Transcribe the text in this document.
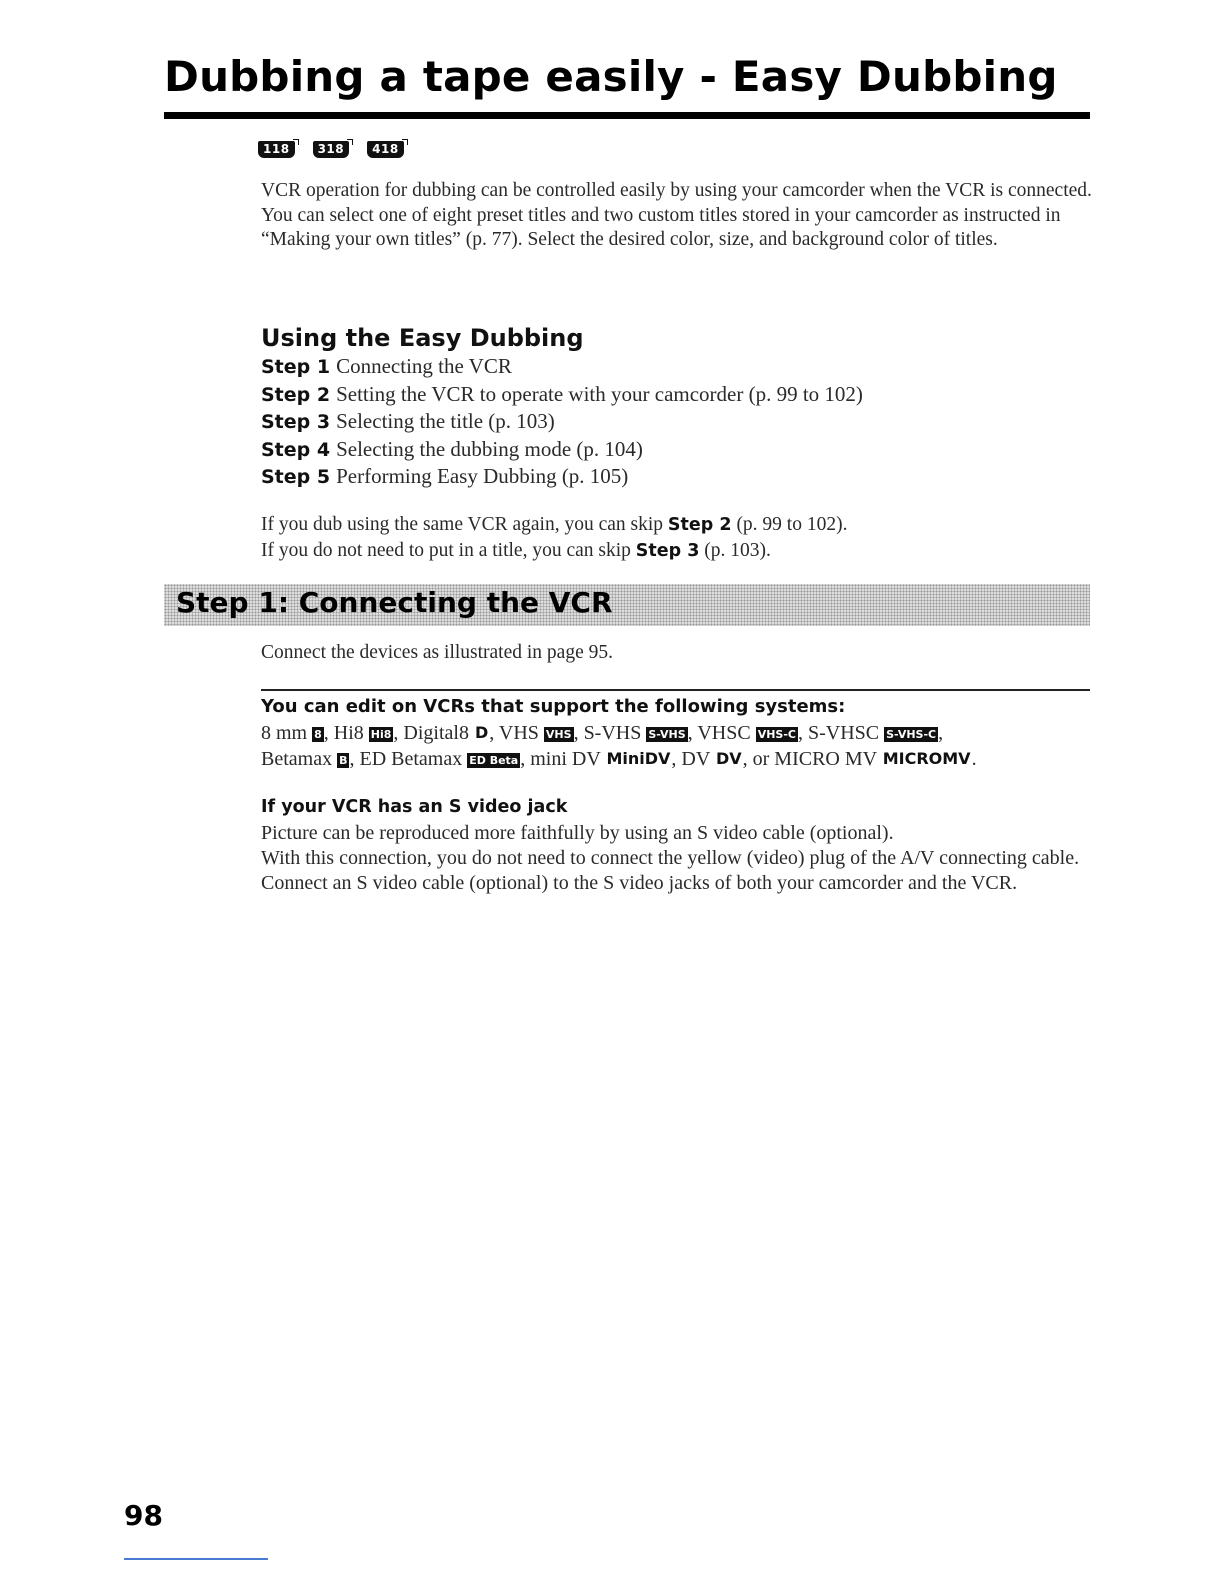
Dubbing a tape easily - Easy Dubbing
118	318	418

VCR operation for dubbing can be controlled easily by using your camcorder when the VCR is connected.

You can select one of eight preset titles and two custom titles stored in your camcorder as instructed in “Making your own titles” (p. 77). Select the desired color, size, and background color of titles.

Using the Easy Dubbing
Step 1 Connecting the VCR
Step 2 Setting the VCR to operate with your camcorder (p. 99 to 102)
Step 3 Selecting the title (p. 103)
Step 4 Selecting the dubbing mode (p. 104)
Step 5 Performing Easy Dubbing (p. 105)

If you dub using the same VCR again, you can skip Step 2 (p. 99 to 102).

If you do not need to put in a title, you can skip Step 3 (p. 103).

Step 1: Connecting the VCR
Connect the devices as illustrated in page 95.
You can edit on VCRs that support the following systems:
8 mm 8 , Hi8 Hi8 , Digital8 D, VHS VHS , S-VHS S-VHS , VHSC VHS-C , S-VHSC S-VHS-C ,
Betamax B , ED Betamax ED Beta , mini DV MiniDV, DV DV, or MICRO MV MICROMV.
If your VCR has an S video jack

Picture can be reproduced more faithfully by using an S video cable (optional).

With this connection, you do not need to connect the yellow (video) plug of the A/V connecting cable.

Connect an S video cable (optional) to the S video jacks of both your camcorder and the VCR.

98
